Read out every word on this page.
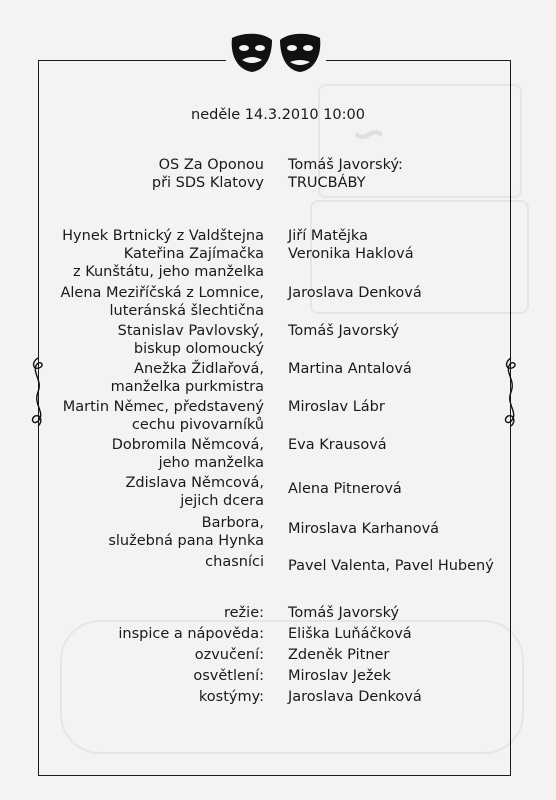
∽
neděle 14.3.2010 10:00
OS Za Oponou
při SDS Klatovy
Tomáš Javorský:
TRUCBÁBY
Hynek Brtnický z Valdštejna Jiří Matějka
Kateřina Zajímačka
z Kunštátu, jeho manželka
Veronika Haklová
Alena Meziříčská z Lomnice,
luteránská šlechtična
Jaroslava Denková
Stanislav Pavlovský,
biskup olomoucký
Tomáš Javorský
Anežka Židlařová,
manželka purkmistra
Martina Antalová
Martin Němec, představený
cechu pivovarníků
Miroslav Lábr
Dobromila Němcová,
jeho manželka
Eva Krausová
Zdislava Němcová,
jejich dcera
Alena Pitnerová
Barbora,
služebná pana Hynka
Miroslava Karhanová
chasníci Pavel Valenta, Pavel Hubený
režie: Tomáš Javorský
inspice a nápověda: Eliška Luňáčková
ozvučení: Zdeněk Pitner
osvětlení: Miroslav Ježek
kostýmy: Jaroslava Denková
